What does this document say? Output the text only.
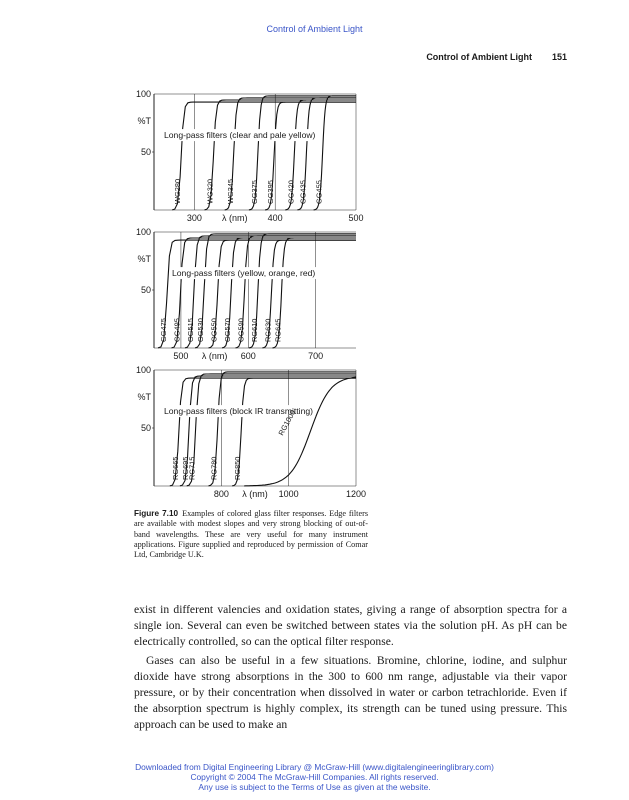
Control of Ambient Light
Control of Ambient Light 151
100
50
%T
300	400	500
λ (nm)
Long-pass filters (clear and pale yellow)
WG280	WG320 WG345 GG375 GG395 GG420 GG435 GG455
100
50
%T
500	600	700
λ (nm)
Long-pass filters (yellow, orange, red)
GG475 GG495 OG515 OG530 OG550 OG570 OG590 RG610 RG630 RG645
100
50
%T
800	1000	1200
λ (nm)
Long-pass filters (block IR transmitting)
RG665 RG695
RG715 RG780 RG850
RG1000
Figure 7.10 Examples of colored glass filter responses. Edge filters are available with modest slopes and very strong blocking of out-of-band wavelengths. These are very useful for many instrument applications. Figure supplied and reproduced by permission of Comar Ltd, Cambridge U.K.

exist in different valencies and oxidation states, giving a range of absorption spectra for a single ion. Several can even be switched between states via the solution pH. As pH can be electrically controlled, so can the optical filter response.

Gases can also be useful in a few situations. Bromine, chlorine, iodine, and sulphur dioxide have strong absorptions in the 300 to 600 nm range, adjustable via their vapor pressure, or by their concentration when dissolved in water or carbon tetrachloride. Even if the absorption spectrum is highly complex, its strength can be tuned using pressure. This approach can be used to make an

Downloaded from Digital Engineering Library @ McGraw-Hill (www.digitalengineeringlibrary.com)
Copyright © 2004 The McGraw-Hill Companies. All rights reserved.
Any use is subject to the Terms of Use as given at the website.
